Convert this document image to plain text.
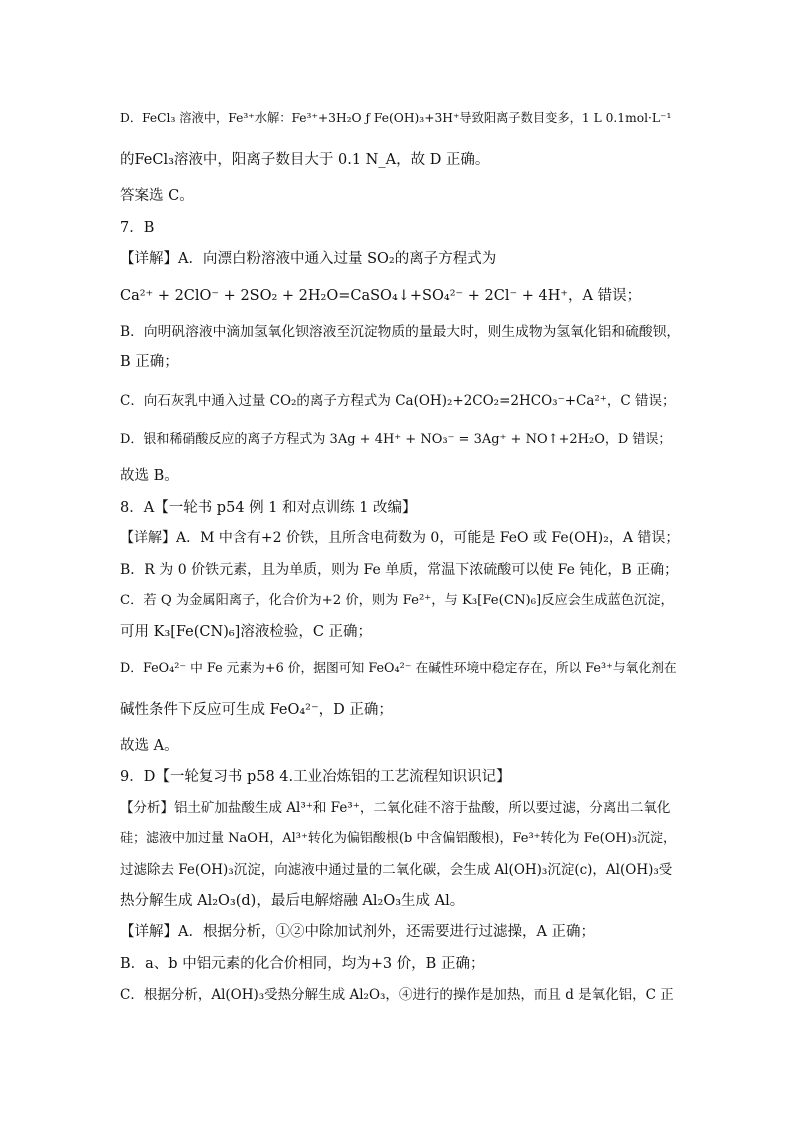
D．FeCl₃ 溶液中，Fe³⁺水解：Fe³⁺+3H₂O ƒ Fe(OH)₃+3H⁺导致阳离子数目变多，1 L 0.1mol·L⁻¹
的FeCl₃溶液中，阳离子数目大于 0.1 N_A，故 D 正确。
答案选 C。
7．B
【详解】A．向漂白粉溶液中通入过量 SO₂的离子方程式为
Ca²⁺ + 2ClO⁻ + 2SO₂ + 2H₂O=CaSO₄↓+SO₄²⁻ + 2Cl⁻ + 4H⁺，A 错误；
B．向明矾溶液中滴加氢氧化钡溶液至沉淀物质的量最大时，则生成物为氢氧化铝和硫酸钡，
B 正确；
C．向石灰乳中通入过量 CO₂的离子方程式为 Ca(OH)₂+2CO₂=2HCO₃⁻+Ca²⁺，C 错误；
D．银和稀硝酸反应的离子方程式为 3Ag + 4H⁺ + NO₃⁻ = 3Ag⁺ + NO↑+2H₂O，D 错误；
故选 B。
8．A【一轮书 p54 例 1 和对点训练 1 改编】
【详解】A．M 中含有+2 价铁，且所含电荷数为 0，可能是 FeO 或 Fe(OH)₂，A 错误；
B．R 为 0 价铁元素，且为单质，则为 Fe 单质，常温下浓硫酸可以使 Fe 钝化，B 正确；
C．若 Q 为金属阳离子，化合价为+2 价，则为 Fe²⁺，与 K₃[Fe(CN)₆]反应会生成蓝色沉淀，
可用 K₃[Fe(CN)₆]溶液检验，C 正确；
D．FeO₄²⁻ 中 Fe 元素为+6 价，据图可知 FeO₄²⁻ 在碱性环境中稳定存在，所以 Fe³⁺与氧化剂在
碱性条件下反应可生成 FeO₄²⁻，D 正确；
故选 A。
9．D【一轮复习书 p58 4.工业冶炼铝的工艺流程知识识记】
【分析】铝土矿加盐酸生成 Al³⁺和 Fe³⁺，二氧化硅不溶于盐酸，所以要过滤，分离出二氧化
硅；滤液中加过量 NaOH，Al³⁺转化为偏铝酸根(b 中含偏铝酸根)，Fe³⁺转化为 Fe(OH)₃沉淀，
过滤除去 Fe(OH)₃沉淀，向滤液中通过量的二氧化碳，会生成 Al(OH)₃沉淀(c)，Al(OH)₃受
热分解生成 Al₂O₃(d)，最后电解熔融 Al₂O₃生成 Al。
【详解】A．根据分析，①②中除加试剂外，还需要进行过滤操，A 正确；
B．a、b 中铝元素的化合价相同，均为+3 价，B 正确；
C．根据分析，Al(OH)₃受热分解生成 Al₂O₃，④进行的操作是加热，而且 d 是氧化铝，C 正
